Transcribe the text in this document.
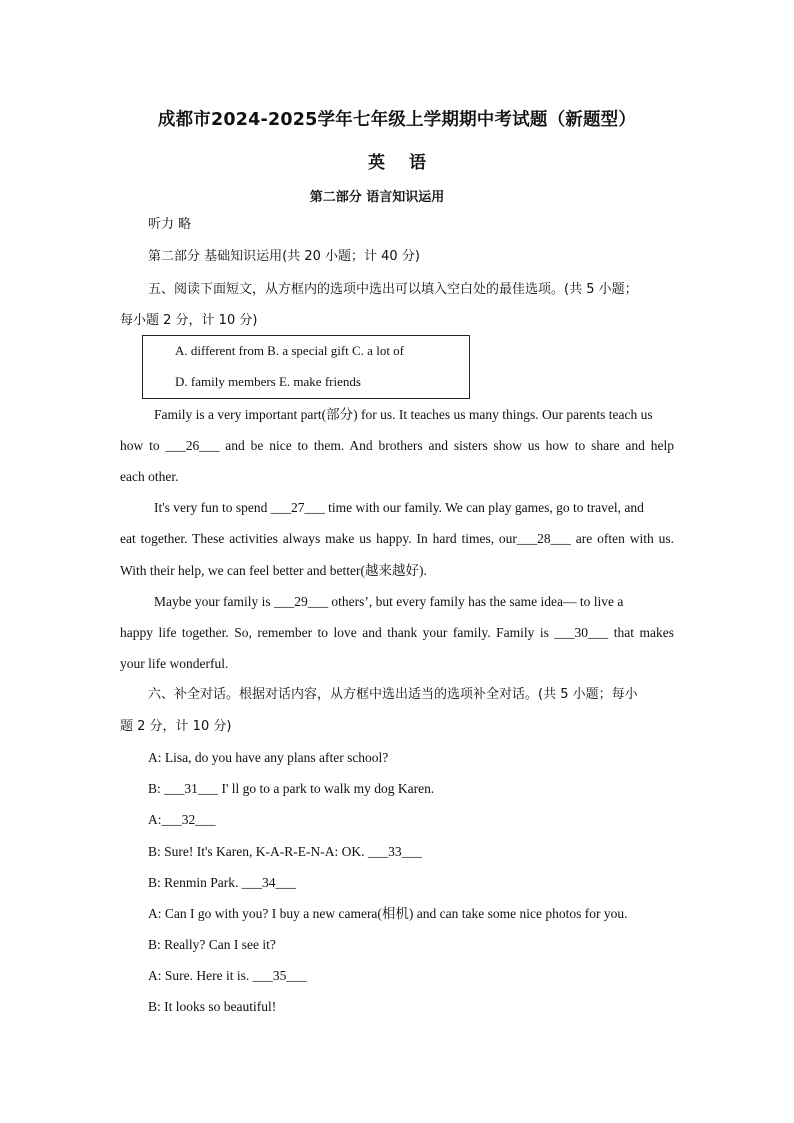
成都市2024-2025学年七年级上学期期中考试题（新题型）
英 语
第二部分 语言知识运用
听力 略
第二部分 基础知识运用(共 20 小题；计 40 分)
五、阅读下面短文，从方框内的选项中选出可以填入空白处的最佳选项。(共 5 小题；
每小题 2 分，计 10 分)
A. different from B. a special gift C. a lot of
D. family members E. make friends
Family is a very important part(部分) for us. It teaches us many things. Our parents teach us
how to ___26___ and be nice to them. And brothers and sisters show us how to share and help
each other.
It's very fun to spend ___27___ time with our family. We can play games, go to travel, and
eat together. These activities always make us happy. In hard times, our___28___ are often with us.
With their help, we can feel better and better(越来越好).
Maybe your family is ___29___ others’, but every family has the same idea— to live a
happy life together. So, remember to love and thank your family. Family is ___30___ that makes
your life wonderful.
六、补全对话。根据对话内容，从方框中选出适当的选项补全对话。(共 5 小题；每小
题 2 分，计 10 分)
A: Lisa, do you have any plans after school?
B: ___31___ I' ll go to a park to walk my dog Karen.
A:___32___
B: Sure! It's Karen, K-A-R-E-N-A: OK. ___33___
B: Renmin Park. ___34___
A: Can I go with you? I buy a new camera(相机) and can take some nice photos for you.
B: Really? Can I see it?
A: Sure. Here it is. ___35___
B: It looks so beautiful!
